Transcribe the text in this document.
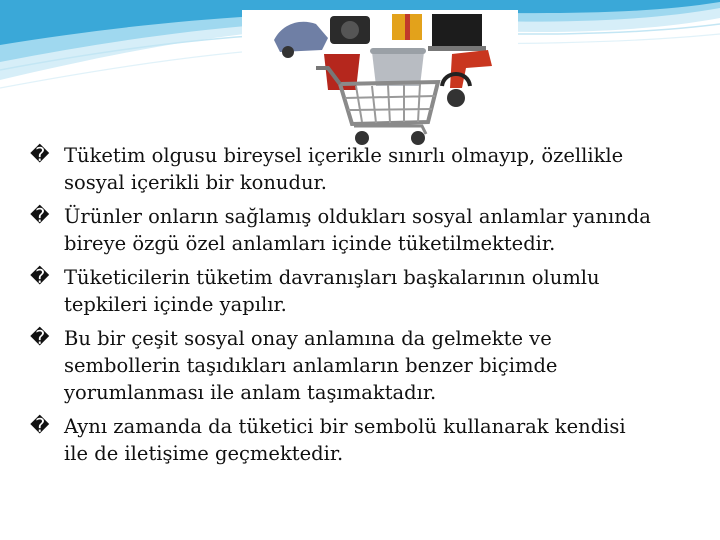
� Tüketim olgusu bireysel içerikle sınırlı olmayıp, özellikle
sosyal içerikli bir konudur.
� Ürünler onların sağlamış oldukları sosyal anlamlar yanında
bireye özgü özel anlamları içinde tüketilmektedir.
� Tüketicilerin tüketim davranışları başkalarının olumlu
tepkileri içinde yapılır.
� Bu bir çeşit sosyal onay anlamına da gelmekte ve
sembollerin taşıdıkları anlamların benzer biçimde
yorumlanması ile anlam taşımaktadır.
� Aynı zamanda da tüketici bir sembolü kullanarak kendisi
ile de iletişime geçmektedir.
